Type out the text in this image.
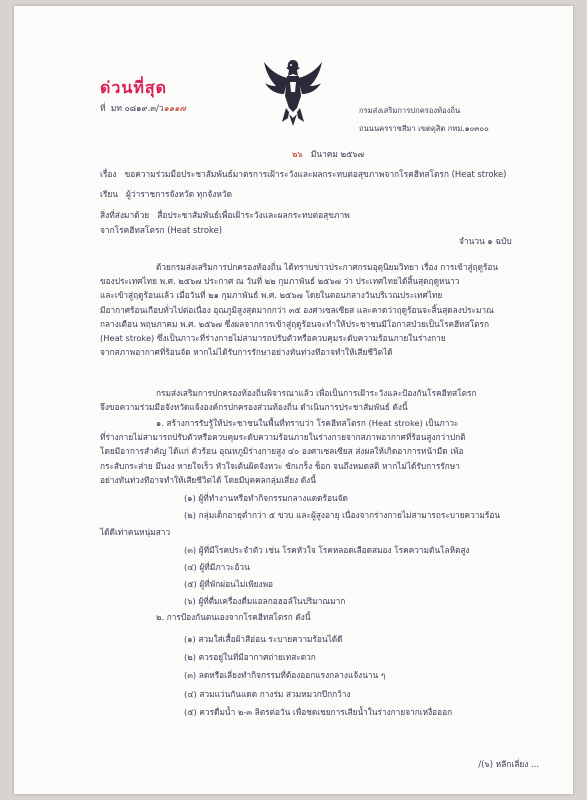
ด่วนที่สุด
ที่ มท ๐๘๑๙.๓/ว๑๑๑๗	กรมส่งเสริมการปกครองท้องถิ่น
ถนนนครราชสีมา เขตดุสิต กทม.๑๐๓๐๐
๒๖ มีนาคม ๒๕๖๗
เรื่อง ขอความร่วมมือประชาสัมพันธ์มาตรการเฝ้าระวังและผลกระทบต่อสุขภาพจากโรคฮีทสโตรก (Heat stroke)
เรียน ผู้ว่าราชการจังหวัด ทุกจังหวัด
สิ่งที่ส่งมาด้วย สื่อประชาสัมพันธ์เพื่อเฝ้าระวังและผลกระทบต่อสุขภาพ
จากโรคฮีทสโตรก (Heat stroke)
จำนวน ๑ ฉบับ
ด้วยกรมส่งเสริมการปกครองท้องถิ่น ได้ทราบข่าวประกาศกรมอุตุนิยมวิทยา เรื่อง การเข้าสู่ฤดูร้อน
ของประเทศไทย พ.ศ. ๒๕๖๗ ประกาศ ณ วันที่ ๒๒ กุมภาพันธ์ ๒๕๖๗ ว่า ประเทศไทยได้สิ้นสุดฤดูหนาว
และเข้าสู่ฤดูร้อนแล้ว เมื่อวันที่ ๒๑ กุมภาพันธ์ พ.ศ. ๒๕๖๗ โดยในตอนกลางวันบริเวณประเทศไทย
มีอากาศร้อนเกือบทั่วไปต่อเนื่อง อุณภูมิสูงสุดมากกว่า ๓๕ องศาเซลเซียส และคาดว่าฤดูร้อนจะสิ้นสุดลงประมาณ
กลางเดือน พฤษภาคม พ.ศ. ๒๕๖๗ ซึ่งผลจากการเข้าสู่ฤดูร้อนจะทำให้ประชาชนมีโอกาสป่วยเป็นโรคฮีทสโตรก
(Heat stroke) ซึ่งเป็นภาวะที่ร่างกายไม่สามารถปรับตัวหรือควบคุมระดับความร้อนภายในร่างกาย
จากสภาพอากาศที่ร้อนจัด หากไม่ได้รับการรักษาอย่างทันท่วงทีอาจทำให้เสียชีวิตได้
กรมส่งเสริมการปกครองท้องถิ่นพิจารณาแล้ว เพื่อเป็นการเฝ้าระวังและป้องกันโรคฮีทสโตรก
จึงขอความร่วมมือจังหวัดแจ้งองค์กรปกครองส่วนท้องถิ่น ดำเนินการประชาสัมพันธ์ ดังนี้
๑. สร้างการรับรู้ให้ประชาชนในพื้นที่ทราบว่า โรคฮีทสโตรก (Heat stroke) เป็นภาวะ
ที่ร่างกายไม่สามารถปรับตัวหรือควบคุมระดับความร้อนภายในร่างกายจากสภาพอากาศที่ร้อนสูงกว่าปกติ
โดยมีอาการสำคัญ ได้แก่ ตัวร้อน อุณหภูมิร่างกายสูง ๔๐ องศาเซลเซียส ส่งผลให้เกิดอาการหน้ามืด เพ้อ
กระสับกระส่าย มึนงง หายใจเร็ว หัวใจเต้นผิดจังหวะ ชักเกร็ง ช็อก จนถึงหมดสติ หากไม่ได้รับการรักษา
อย่างทันท่วงทีอาจทำให้เสียชีวิตได้ โดยมีบุคคลกลุ่มเสี่ยง ดังนี้
(๑) ผู้ที่ทำงานหรือทำกิจกรรมกลางแดดร้อนจัด
(๒) กลุ่มเด็กอายุต่ำกว่า ๕ ขวบ และผู้สูงอายุ เนื่องจากร่างกายไม่สามารถระบายความร้อน
ได้ดีเท่าคนหนุ่มสาว
(๓) ผู้ที่มีโรคประจำตัว เช่น โรคหัวใจ โรคหลอดเลือดสมอง โรคความดันโลหิตสูง
(๔) ผู้ที่มีภาวะอ้วน
(๕) ผู้ที่พักผ่อนไม่เพียงพอ
(๖) ผู้ที่ดื่มเครื่องดื่มแอลกอฮอล์ในปริมาณมาก
๒. การป้องกันตนเองจากโรคฮีทสโตรก ดังนี้
(๑) สวมใส่เสื้อผ้าสีอ่อน ระบายความร้อนได้ดี
(๒) ควรอยู่ในที่มีอากาศถ่ายเทสะดวก
(๓) ลดหรือเลี่ยงทำกิจกรรมที่ต้องออกแรงกลางแจ้งนาน ๆ
(๔) สวมแว่นกันแดด กางร่ม สวมหมวกปีกกว้าง
(๕) ควรดื่มน้ำ ๒-๓ ลิตรต่อวัน เพื่อชดเชยการเสียน้ำในร่างกายจากเหงื่อออก
/(๖) หลีกเลี่ยง ...
